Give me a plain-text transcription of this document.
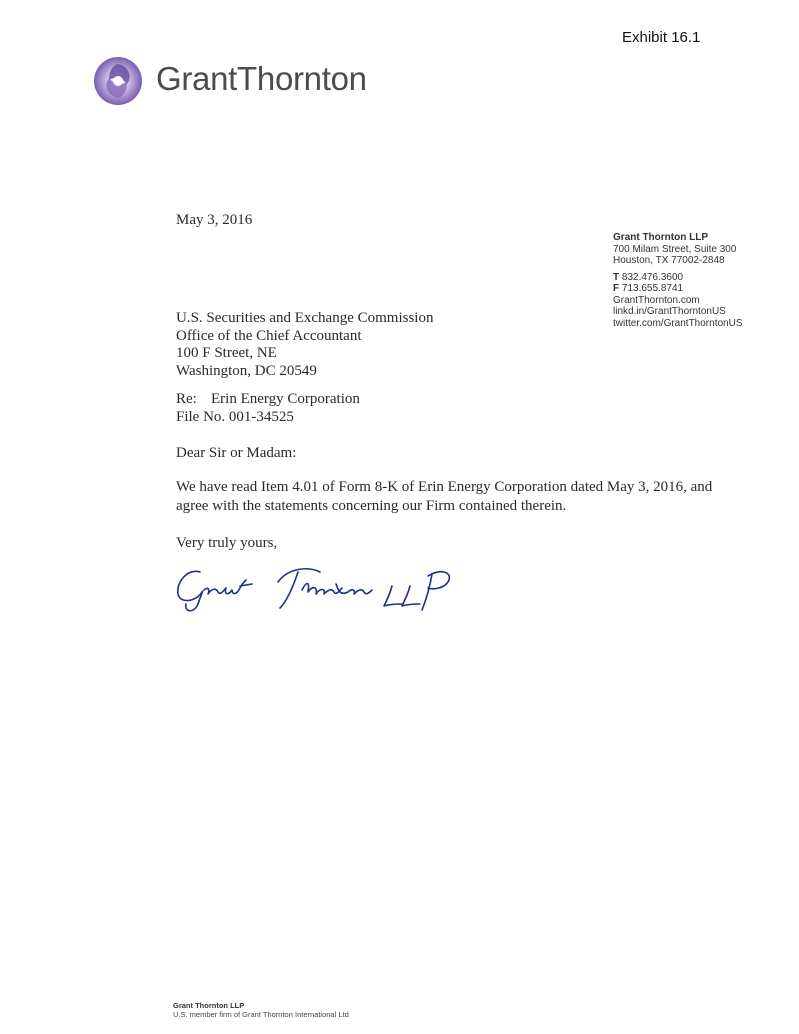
Exhibit 16.1
GrantThornton
May 3, 2016
Grant Thornton LLP
700 Milam Street, Suite 300
Houston, TX 77002-2848
T 832.476.3600
F 713.655.8741
GrantThornton.com
linkd.in/GrantThorntonUS
twitter.com/GrantThorntonUS
U.S. Securities and Exchange Commission
Office of the Chief Accountant
100 F Street, NE
Washington, DC 20549
Re: Erin Energy Corporation
File No. 001-34525
Dear Sir or Madam:
We have read Item 4.01 of Form 8-K of Erin Energy Corporation dated May 3, 2016, and agree with the statements concerning our Firm contained therein.
Very truly yours,
Grant Thornton LLP
U.S. member firm of Grant Thornton International Ltd
